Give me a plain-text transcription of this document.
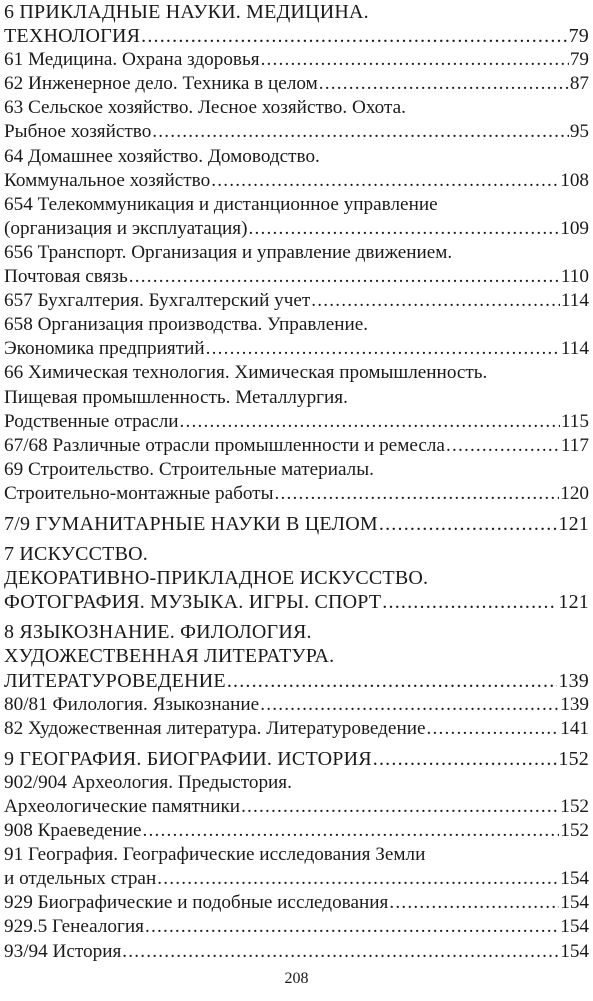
6 ПРИКЛАДНЫЕ НАУКИ. МЕДИЦИНА.
ТЕХНОЛОГИЯ .....	79
61 Медицина. Охрана здоровья .....	79
62 Инженерное дело. Техника в целом .....	87
63 Сельское хозяйство. Лесное хозяйство. Охота.
Рыбное хозяйство .....	95
64 Домашнее хозяйство. Домоводство.
Коммунальное хозяйство .....	108
654 Телекоммуникация и дистанционное управление
(организация и эксплуатация) .....	109
656 Транспорт. Организация и управление движением.
Почтовая связь .....	110
657 Бухгалтерия. Бухгалтерский учет .....	114
658 Организация производства. Управление.
Экономика предприятий .....	114
66 Химическая технология. Химическая промышленность.
Пищевая промышленность. Металлургия.
Родственные отрасли .....	115
67/68 Различные отрасли промышленности и ремесла .....	117
69 Строительство. Строительные материалы.
Строительно-монтажные работы .....	120
7/9 ГУМАНИТАРНЫЕ НАУКИ В ЦЕЛОМ .....	121
7 ИСКУССТВО.
ДЕКОРАТИВНО-ПРИКЛАДНОЕ ИСКУССТВО.
ФОТОГРАФИЯ. МУЗЫКА. ИГРЫ. СПОРТ .....	121
8 ЯЗЫКОЗНАНИЕ. ФИЛОЛОГИЯ.
ХУДОЖЕСТВЕННАЯ ЛИТЕРАТУРА.
ЛИТЕРАТУРОВЕДЕНИЕ .....	139
80/81 Филология. Языкознание .....	139
82 Художественная литература. Литературоведение .....	141
9 ГЕОГРАФИЯ. БИОГРАФИИ. ИСТОРИЯ .....	152
902/904 Археология. Предыстория.
Археологические памятники .....	152
908 Краеведение .....	152
91 География. Географические исследования Земли
и отдельных стран .....	154
929 Биографические и подобные исследования .....	154
929.5 Генеалогия .....	154
93/94 История .....	154
208
